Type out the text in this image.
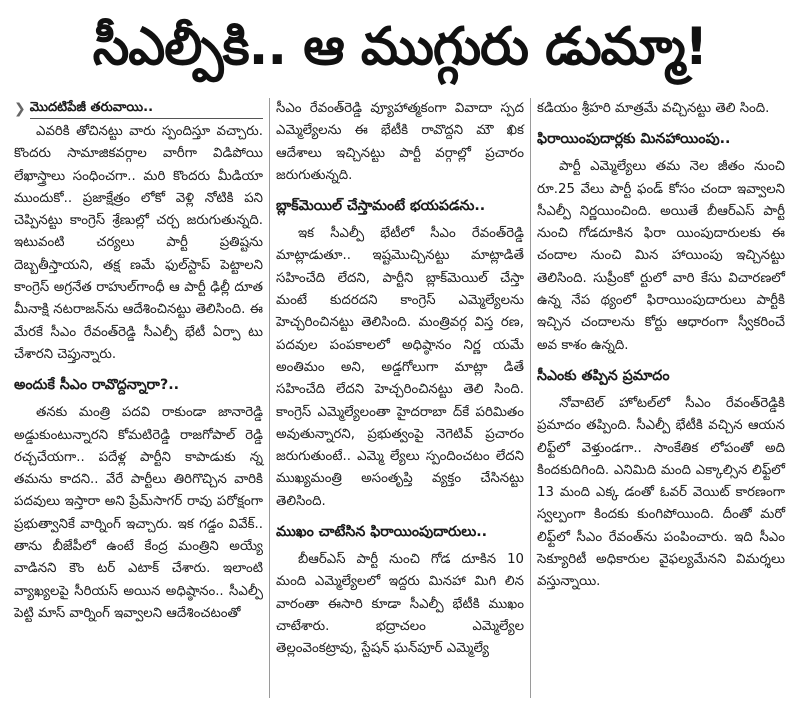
సీఎల్పీకి.. ఆ ముగ్గురు డుమ్మా!
❯ మొదటిపేజీ తరువాయి..

ఎవరికి తోచినట్టు వారు స్పందిస్తూ వచ్చారు. కొందరు సామాజికవర్గాల వారీగా విడిపోయి లేఖాస్త్రాలు సంధించగా.. మరి కొందరు మీడియా ముందుకో.. ప్రజాక్షేత్రం లోకో వెళ్లి నోటికి పని చెప్పినట్టు కాంగ్రెస్ శ్రేణుల్లో చర్చ జరుగుతున్నది. ఇటువంటి చర్యలు పార్టీ ప్రతిష్టను దెబ్బతీస్తాయని, తక్ష ణమే ఫుల్‌స్టాప్ పెట్టాలని కాంగ్రెస్ అగ్రనేత రాహుల్‌గాంధీ ఆ పార్టీ ఢిల్లీ దూత మీనాక్షి నటరాజన్‌ను ఆదేశించినట్టు తెలిసింది. ఈ మేరకే సీఎం రేవంత్‌రెడ్డి సీఎల్పీ భేటీ ఏర్పా టు చేశారని చెప్తున్నారు.

అందుకే సీఎం రావొద్దన్నారా?..

తనకు మంత్రి పదవి రాకుండా జానారెడ్డి అడ్డుకుంటున్నారని కోమటిరెడ్డి రాజగోపాల్ రెడ్డి రచ్చచేయగా.. పదేళ్ల పార్టీని కాపాడుకు న్న తమను కాదని.. వేరే పార్టీలు తిరిగొచ్చిన వారికి పదవులు ఇస్తారా అని ప్రేమ్‌సాగర్ రావు పరోక్షంగా ప్రభుత్వానికే వార్నింగ్ ఇచ్చారు. ఇక గడ్డం వివేక్.. తాను బీజేపీలో ఉంటే కేంద్ర మంత్రిని అయ్యే వాడినని కౌం టర్ ఎటాక్ చేశారు. ఇలాంటి వ్యాఖ్యలపై సీరియస్ అయిన అధిష్ఠానం.. సీఎల్పీ పెట్టి మాస్ వార్నింగ్ ఇవ్వాలని ఆదేశించటంతో

సీఎం రేవంత్‌రెడ్డి వ్యూహాత్మకంగా వివాదా స్పద ఎమ్మెల్యేలను ఈ భేటీకి రావొద్దని మౌ ఖిక ఆదేశాలు ఇచ్చినట్టు పార్టీ వర్గాల్లో ప్రచారం జరుగుతున్నది.

బ్లాక్‌మెయిల్ చేస్తామంటే భయపడను..

ఇక సీఎల్పీ భేటీలో సీఎం రేవంత్‌రెడ్డి మాట్లాడుతూ.. ఇష్టమొచ్చినట్టు మాట్లాడితే సహించేది లేదని, పార్టీని బ్లాక్‌మెయిల్ చేస్తా మంటే కుదరదని కాంగ్రెస్ ఎమ్మెల్యేలను హెచ్చరించినట్టు తెలిసింది. మంత్రివర్గ విస్త రణ, పదవుల పంపకాలలో అధిష్ఠానం నిర్ణ యమే అంతిమం అని, అడ్డగోలుగా మాట్లా డితే సహించేది లేదని హెచ్చరించినట్టు తెలి సింది. కాంగ్రెస్ ఎమ్మెల్యేలంతా హైదరాబా ద్‌కే పరిమితం అవుతున్నారని, ప్రభుత్వంపై నెగెటివ్ ప్రచారం జరుగుతుంటే.. ఎమ్మె ల్యేలు స్పందించటం లేదని ముఖ్యమంత్రి అసంతృప్తి వ్యక్తం చేసినట్టు తెలిసింది.

ముఖం చాటేసిన ఫిరాయింపుదారులు..

బీఆర్‌ఎస్ పార్టీ నుంచి గోడ దూకిన 10 మంది ఎమ్మెల్యేలలో ఇద్దరు మినహా మిగి లిన వారంతా ఈసారి కూడా సీఎల్పీ భేటీకి ముఖం చాటేశారు. భద్రాచలం ఎమ్మెల్యేల తెల్లంవెంకట్రావు, స్టేషన్ ఘన్‌పూర్ ఎమ్మెల్యే

కడియం శ్రీహరి మాత్రమే వచ్చినట్టు తెలి సింది.

ఫిరాయింపుదార్లకు మినహాయింపు..

పార్టీ ఎమ్మెల్యేలు తమ నెల జీతం నుంచి రూ.25 వేలు పార్టీ ఫండ్ కోసం చందా ఇవ్వాలని సీఎల్పీ నిర్ణయించింది. అయితే బీఆర్‌ఎస్ పార్టీ నుంచి గోడదూకిన ఫిరా యింపుదారులకు ఈ చందాల నుంచి మిన హాయింపు ఇచ్చినట్టు తెలిసింది. సుప్రీంకో ర్టులో వారి కేసు విచారణలో ఉన్న నేప థ్యంలో ఫిరాయింపుదారులు పార్టీకి ఇచ్చిన చందాలను కోర్టు ఆధారంగా స్వీకరించే అవ కాశం ఉన్నది.

సీఎంకు తప్పిన ప్రమాదం

నోవాటెల్ హోటల్‌లో సీఎం రేవంత్‌రెడ్డికి ప్రమాదం తప్పింది. సీఎల్పీ భేటీకి వచ్చిన ఆయన లిఫ్ట్‌లో వెళ్తుండగా.. సాంకేతిక లోపంతో అది కిందకుదిగింది. ఎనిమిది మంది ఎక్కాల్సిన లిఫ్ట్‌లో 13 మంది ఎక్క డంతో ఓవర్ వెయిట్ కారణంగా స్వల్పంగా కిందకు కుంగిపోయింది. దీంతో మరో లిఫ్ట్‌లో సీఎం రేవంత్‌ను పంపించారు. ఇది సీఎం సెక్యూరిటీ అధికారుల వైఫల్యమేనని విమర్శలు వస్తున్నాయి.
